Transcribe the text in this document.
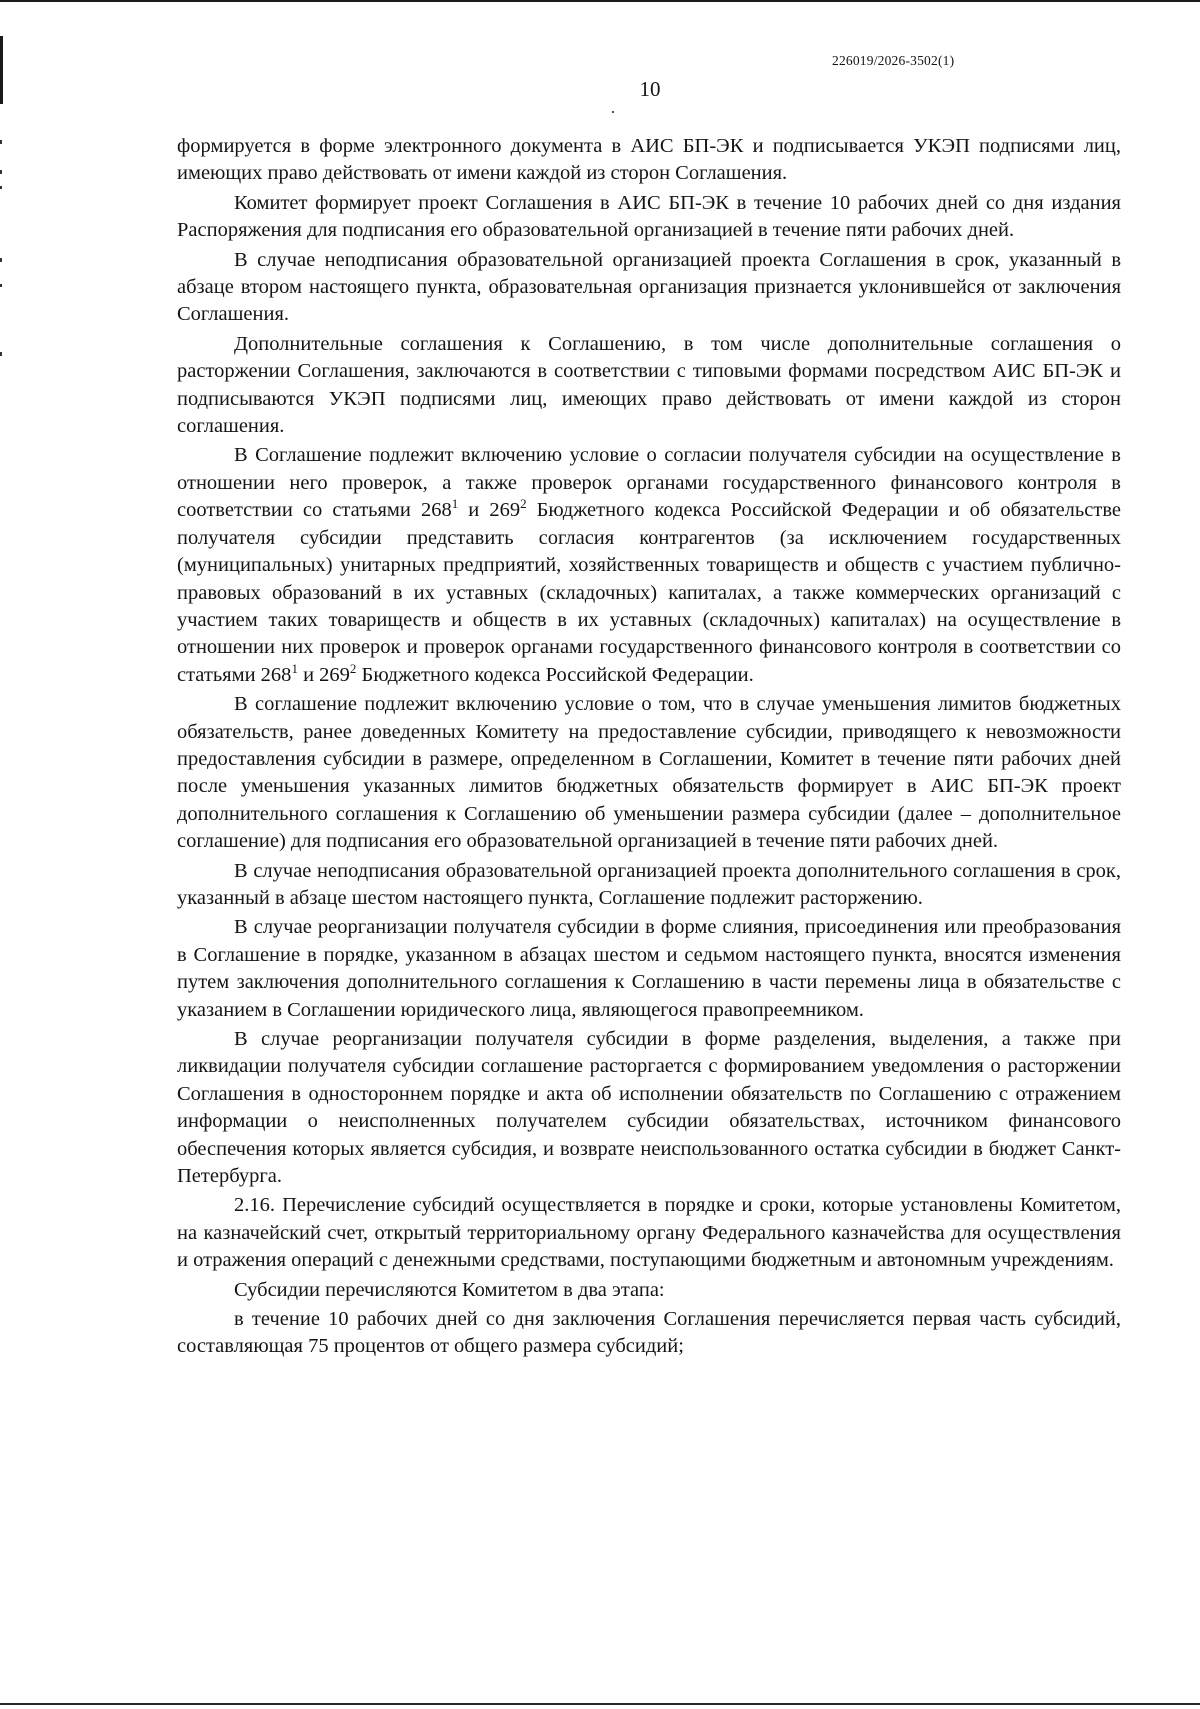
226019/2026-3502(1)
10

формируется в форме электронного документа в АИС БП-ЭК и подписывается УКЭП подписями лиц, имеющих право действовать от имени каждой из сторон Соглашения.

Комитет формирует проект Соглашения в АИС БП-ЭК в течение 10 рабочих дней со дня издания Распоряжения для подписания его образовательной организацией в течение пяти рабочих дней.

В случае неподписания образовательной организацией проекта Соглашения в срок, указанный в абзаце втором настоящего пункта, образовательная организация признается уклонившейся от заключения Соглашения.

Дополнительные соглашения к Соглашению, в том числе дополнительные соглашения о расторжении Соглашения, заключаются в соответствии с типовыми формами посредством АИС БП-ЭК и подписываются УКЭП подписями лиц, имеющих право действовать от имени каждой из сторон соглашения.

В Соглашение подлежит включению условие о согласии получателя субсидии на осуществление в отношении него проверок, а также проверок органами государственного финансового контроля в соответствии со статьями $268^1$ и $269^2$ Бюджетного кодекса Российской Федерации и об обязательстве получателя субсидии представить согласия контрагентов (за исключением государственных (муниципальных) унитарных предприятий, хозяйственных товариществ и обществ с участием публично-правовых образований в их уставных (складочных) капиталах, а также коммерческих организаций с участием таких товариществ и обществ в их уставных (складочных) капиталах) на осуществление в отношении них проверок и проверок органами государственного финансового контроля в соответствии со статьями $268^1$ и $269^2$ Бюджетного кодекса Российской Федерации.

В соглашение подлежит включению условие о том, что в случае уменьшения лимитов бюджетных обязательств, ранее доведенных Комитету на предоставление субсидии, приводящего к невозможности предоставления субсидии в размере, определенном в Соглашении, Комитет в течение пяти рабочих дней после уменьшения указанных лимитов бюджетных обязательств формирует в АИС БП-ЭК проект дополнительного соглашения к Соглашению об уменьшении размера субсидии (далее – дополнительное соглашение) для подписания его образовательной организацией в течение пяти рабочих дней.

В случае неподписания образовательной организацией проекта дополнительного соглашения в срок, указанный в абзаце шестом настоящего пункта, Соглашение подлежит расторжению.

В случае реорганизации получателя субсидии в форме слияния, присоединения или преобразования в Соглашение в порядке, указанном в абзацах шестом и седьмом настоящего пункта, вносятся изменения путем заключения дополнительного соглашения к Соглашению в части перемены лица в обязательстве с указанием в Соглашении юридического лица, являющегося правопреемником.

В случае реорганизации получателя субсидии в форме разделения, выделения, а также при ликвидации получателя субсидии соглашение расторгается с формированием уведомления о расторжении Соглашения в одностороннем порядке и акта об исполнении обязательств по Соглашению с отражением информации о неисполненных получателем субсидии обязательствах, источником финансового обеспечения которых является субсидия, и возврате неиспользованного остатка субсидии в бюджет Санкт-Петербурга.

2.16. Перечисление субсидий осуществляется в порядке и сроки, которые установлены Комитетом, на казначейский счет, открытый территориальному органу Федерального казначейства для осуществления и отражения операций с денежными средствами, поступающими бюджетным и автономным учреждениям.

Субсидии перечисляются Комитетом в два этапа:

в течение 10 рабочих дней со дня заключения Соглашения перечисляется первая часть субсидий, составляющая 75 процентов от общего размера субсидий;
